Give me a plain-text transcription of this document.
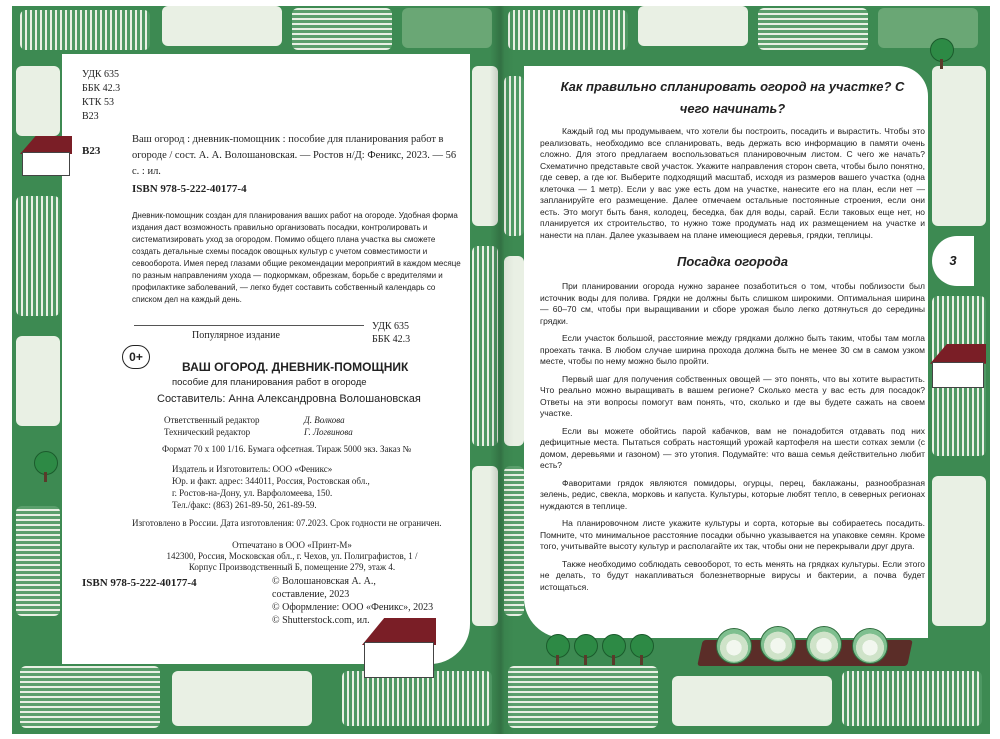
УДК 635
ББК 42.3
КТК 53
В23
В23
Ваш огород : дневник-помощник : пособие для планирования работ в огороде / сост. А. А. Волошановская. — Ростов н/Д: Феникс, 2023. — 56 с. : ил.
ISBN 978-5-222-40177-4
Дневник-помощник создан для планирования ваших работ на огороде. Удобная форма издания даст возможность правильно организовать посадки, контролировать и систематизировать уход за огородом. Помимо общего плана участка вы сможете создать детальные схемы посадок овощных культур с учетом совместимости и севооборота. Имея перед глазами общие рекомендации мероприятий в каждом месяце по разным направлениям ухода — подкормкам, обрезкам, борьбе с вредителями и профилактике заболеваний, — легко будет составить собственный календарь со списком дел на каждый день.
Популярное издание
УДК 635
ББК 42.3
0+
ВАШ ОГОРОД. ДНЕВНИК-ПОМОЩНИК
пособие для планирования работ в огороде
Составитель: Анна Александровна Волошановская
Ответственный редактор	Д. Волкова
Технический редактор	Г. Логвинова
Формат 70 х 100 1/16. Бумага офсетная. Тираж 5000 экз. Заказ №
Издатель и Изготовитель: ООО «Феникс»
Юр. и факт. адрес: 344011, Россия, Ростовская обл.,
г. Ростов-на-Дону, ул. Варфоломеева, 150.
Тел./факс: (863) 261-89-50, 261-89-59.
Изготовлено в России. Дата изготовления: 07.2023. Срок годности не ограничен.
Отпечатано в ООО «Принт-М»
142300, Россия, Московская обл., г. Чехов, ул. Полиграфистов, 1 /
Корпус Производственный Б, помещение 279, этаж 4.
ISBN 978-5-222-40177-4	© Волошановская А. А.,
составление, 2023
© Оформление: ООО «Феникс», 2023
© Shutterstock.com, ил.
Как правильно спланировать огород на участке? С чего начинать?

Каждый год мы продумываем, что хотели бы построить, посадить и вырастить. Чтобы это реализовать, необходимо все спланировать, ведь держать всю информацию в памяти очень сложно. Для этого предлагаем воспользоваться планировочным листом. С чего же начать? Схематично представьте свой участок. Укажите направления сторон света, чтобы было понятно, где север, а где юг. Выберите подходящий масштаб, исходя из размеров вашего участка (одна клеточка — 1 метр). Если у вас уже есть дом на участке, нанесите его на план, если нет — запланируйте его размещение. Далее отмечаем остальные постоянные строения, если они есть. Это могут быть баня, колодец, беседка, бак для воды, сарай. Если таковых еще нет, но планируется их строительство, то нужно тоже продумать над их размещением на участке и нанести на план. Далее указываем на плане имеющиеся деревья, грядки, теплицы.

Посадка огорода

При планировании огорода нужно заранее позаботиться о том, чтобы поблизости был источник воды для полива. Грядки не должны быть слишком широкими. Оптимальная ширина — 60–70 см, чтобы при выращивании и сборе урожая было легко дотянуться до середины грядки.

Если участок большой, расстояние между грядками должно быть таким, чтобы там могла проехать тачка. В любом случае ширина прохода должна быть не менее 30 см в самом узком месте, чтобы по нему можно было пройти.

Первый шаг для получения собственных овощей — это понять, что вы хотите вырастить. Что реально можно выращивать в вашем регионе? Сколько места у вас есть для посадок? Ответы на эти вопросы помогут вам понять, что, сколько и где вы будете сажать на своем участке.

Если вы можете обойтись парой кабачков, вам не понадобится отдавать под них дефицитные места. Пытаться собрать настоящий урожай картофеля на шести сотках земли (с домом, деревьями и газоном) — это утопия. Подумайте: что ваша семья действительно любит есть?

Фаворитами грядок являются помидоры, огурцы, перец, баклажаны, разнообразная зелень, редис, свекла, морковь и капуста. Культуры, которые любят тепло, в северных регионах нуждаются в теплице.

На планировочном листе укажите культуры и сорта, которые вы собираетесь посадить. Помните, что минимальное расстояние посадки обычно указывается на упаковке семян. Кроме того, учитывайте высоту культур и располагайте их так, чтобы они не перекрывали друг друга.

Также необходимо соблюдать севооборот, то есть менять на грядках культуры. Если этого не делать, то будут накапливаться болезнетворные вирусы и бактерии, а почва будет истощаться.

3
